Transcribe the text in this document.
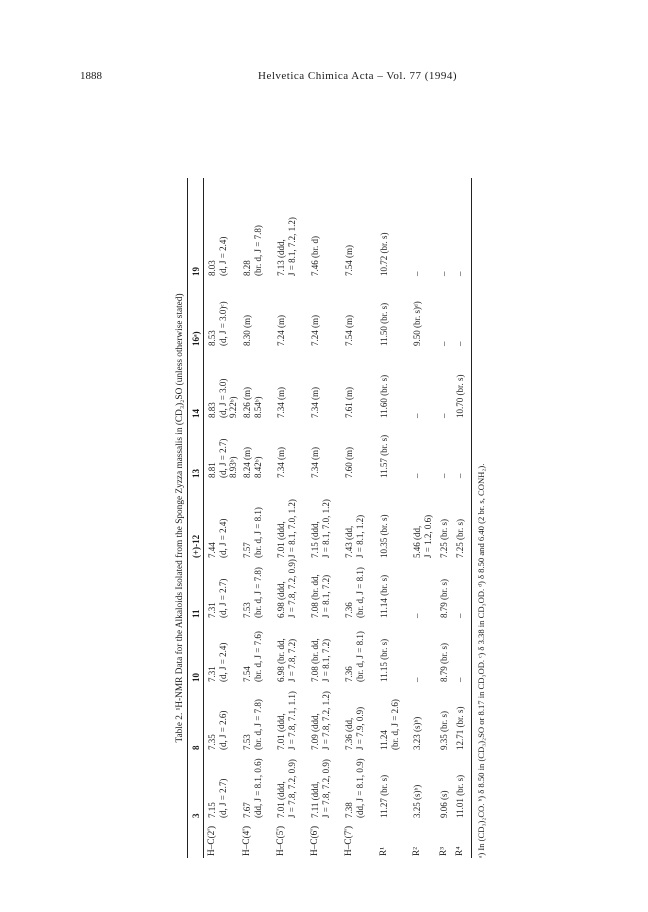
1888	Helvetica Chimica Acta – Vol. 77 (1994)
Table 2. ¹H-NMR Data for the Alkaloids Isolated from the Sponge Zyzza massalis in (CD₃)₂SO (unless otherwise stated)
3
8
10
11
(+)-12
13
14
16ᵃ)
19
H–C(2')
7.15 (d, J = 2.7)
7.35 (d, J = 2.6)
7.31 (d, J = 2.4)
7.31 (d, J = 2.7)
7.44 (d, J = 2.4)
8.81 (d, J = 2.7) 8.93ᵇ)
8.83 (d, J = 3.0) 9.22ᵇ)
8.53 (d, J = 3.0)ᶜ)
8.03 (d, J = 2.4)
H–C(4')
7.67 (dd, J = 8.1, 0.6)
7.53 (br. d, J = 7.8)
7.54 (br. d, J = 7.6)
7.53 (br. d, J = 7.8)
7.57 (br. d, J = 8.1)
8.24 (m) 8.42ᵇ)
8.26 (m) 8.54ᵇ)
8.30 (m)
8.28 (br. d, J = 7.8)
H–C(5')
7.01 (ddd, J = 7.8, 7.2, 0.9)
7.01 (ddd, J = 7.8, 7.1, 1.1)
6.98 (br. dd, J = 7.8, 7.2)
6.98 (ddd, J = 7.8, 7.2, 0.9)
7.01 (ddd, J = 8.1, 7.0, 1.2)
7.34 (m)
7.34 (m)
7.24 (m)
7.13 (ddd, J = 8.1, 7.2, 1.2)
H–C(6')
7.11 (ddd, J = 7.8, 7.2, 0.9)
7.09 (ddd, J = 7.8, 7.2, 1.2)
7.08 (br. dd, J = 8.1, 7.2)
7.08 (br. dd, J = 8.1, 7.2)
7.15 (ddd, J = 8.1, 7.0, 1.2)
7.34 (m)
7.34 (m)
7.24 (m)
7.46 (br. d)
H–C(7')
7.38 (dd, J = 8.1, 0.9)
7.36 (dd, J = 7.9, 0.9)
7.36 (br. d, J = 8.1)
7.36 (br. d, J = 8.1)
7.43 (dd, J = 8.1, 1.2)
7.60 (m)
7.61 (m)
7.54 (m)
7.54 (m)
R¹
11.27 (br. s)
11.24 (br. d, J = 2.6)
11.15 (br. s)
11.14 (br. s)
10.35 (br. s)
11.57 (br. s)
11.60 (br. s)
11.50 (br. s)
10.72 (br. s)
R²
3.25 (s)ᵇ)
3.23 (s)ᵇ)
–
–
5.46 (dd, J = 1.2, 0.6)
–
–
9.50 (br. s)ᵈ)
–
R³
9.06 (s)
9.35 (br. s)
8.79 (br. s)
8.79 (br. s)
7.25 (br. s)
–
–
–
–
R⁴
11.01 (br. s)
12.71 (br. s)
–
–
7.25 (br. s)
–
10.70 (br. s)
–
–
ᵃ) In (CD₃)₂CO. ᵇ) δ 8.50 in (CD₃)₂SO or 8.17 in CD₃OD. ᶜ) δ 3.38 in CD₃OD. ᵈ) δ 8.50 and 6.40 (2 br. s, CONH₂).
